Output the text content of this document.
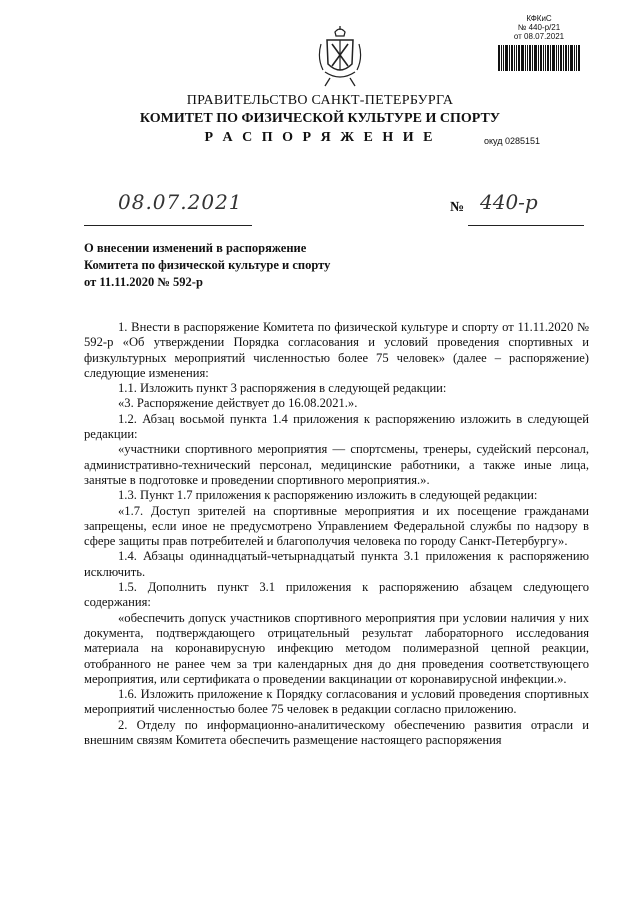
КФКиС
№ 440-р/21
от 08.07.2021
ПРАВИТЕЛЬСТВО САНКТ-ПЕТЕРБУРГА
КОМИТЕТ ПО ФИЗИЧЕСКОЙ КУЛЬТУРЕ И СПОРТУ
Р А С П О Р Я Ж Е Н И Е	окуд 0285151
08.07.2021	№ 440-р
О внесении изменений в распоряжение
Комитета по физической культуре и спорту
от 11.11.2020 № 592-р

1. Внести в распоряжение Комитета по физической культуре и спорту от 11.11.2020 № 592-р «Об утверждении Порядка согласования и условий проведения спортивных и физкультурных мероприятий численностью более 75 человек» (далее – распоряжение) следующие изменения:

1.1. Изложить пункт 3 распоряжения в следующей редакции:

«3. Распоряжение действует до 16.08.2021.».

1.2. Абзац восьмой пункта 1.4 приложения к распоряжению изложить в следующей редакции:

«участники спортивного мероприятия — спортсмены, тренеры, судейский персонал, административно-технический персонал, медицинские работники, а также иные лица, занятые в подготовке и проведении спортивного мероприятия.».

1.3. Пункт 1.7 приложения к распоряжению изложить в следующей редакции:

«1.7. Доступ зрителей на спортивные мероприятия и их посещение гражданами запрещены, если иное не предусмотрено Управлением Федеральной службы по надзору в сфере защиты прав потребителей и благополучия человека по городу Санкт-Петербургу».

1.4. Абзацы одиннадцатый-четырнадцатый пункта 3.1 приложения к распоряжению исключить.

1.5. Дополнить пункт 3.1 приложения к распоряжению абзацем следующего содержания:

«обеспечить допуск участников спортивного мероприятия при условии наличия у них документа, подтверждающего отрицательный результат лабораторного исследования материала на коронавирусную инфекцию методом полимеразной цепной реакции, отобранного не ранее чем за три календарных дня до дня проведения соответствующего мероприятия, или сертификата о проведении вакцинации от коронавирусной инфекции.».

1.6. Изложить приложение к Порядку согласования и условий проведения спортивных мероприятий численностью более 75 человек в редакции согласно приложению.

2. Отделу по информационно-аналитическому обеспечению развития отрасли и внешним связям Комитета обеспечить размещение настоящего распоряжения
